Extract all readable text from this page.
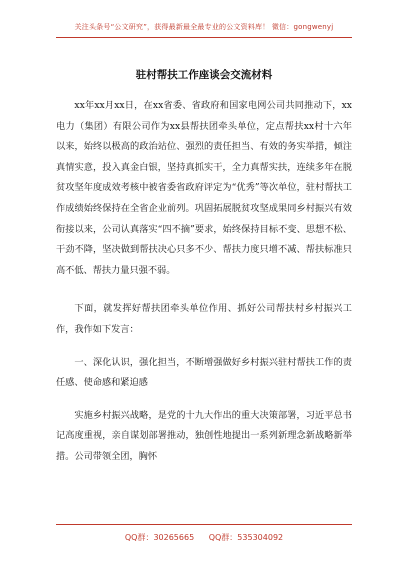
关注头条号“公文研究”，获得最新最全最专业的公文资料库！ 微信：gongwenyj
驻村帮扶工作座谈会交流材料

xx年xx月xx日，在xx省委、省政府和国家电网公司共同推动下，xx电力（集团）有限公司作为xx县帮扶团牵头单位，定点帮扶xx村十六年以来，始终以极高的政治站位、强烈的责任担当、有效的务实举措，倾注真情实意，投入真金白银，坚持真抓实干，全力真帮实扶，连续多年在脱贫攻坚年度成效考核中被省委省政府评定为“优秀”等次单位，驻村帮扶工作成绩始终保持在全省企业前列。巩固拓展脱贫攻坚成果同乡村振兴有效衔接以来，公司认真落实“四不摘”要求，始终保持目标不变、思想不松、干劲不降，坚决做到帮扶决心只多不少、帮扶力度只增不减、帮扶标准只高不低、帮扶力量只强不弱。

下面，就发挥好帮扶团牵头单位作用、抓好公司帮扶村乡村振兴工作，我作如下发言：

一、深化认识，强化担当，不断增强做好乡村振兴驻村帮扶工作的责任感、使命感和紧迫感

实施乡村振兴战略，是党的十九大作出的重大决策部署，习近平总书记高度重视，亲自谋划部署推动，独创性地提出一系列新理念新战略新举措。公司带领全团，胸怀

QQ群：30265665 QQ群：535304092
